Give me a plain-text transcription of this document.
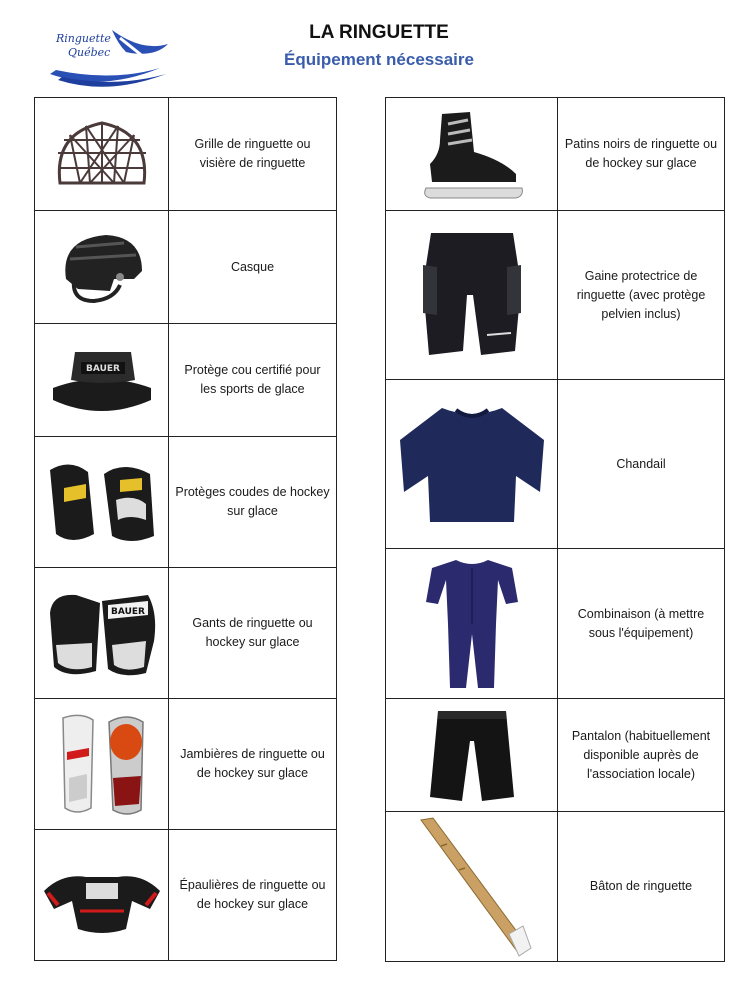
Ringuette
Québec
LA RINGUETTE
Équipement nécessaire
	Grille de ringuette ou visière de ringuette

	Casque

BAUER	Protège cou certifié pour les sports de glace

	Protèges coudes de hockey sur glace

BAUER	Gants de ringuette ou hockey sur glace

	Jambières de ringuette ou de hockey sur glace

	Épaulières de ringuette ou de hockey sur glace
	Patins noirs de ringuette ou de hockey sur glace

	Gaine protectrice de ringuette (avec protège pelvien inclus)

	Chandail

	Combinaison (à mettre sous l'équipement)

	Pantalon (habituellement disponible auprès de l'association locale)

	Bâton de ringuette
